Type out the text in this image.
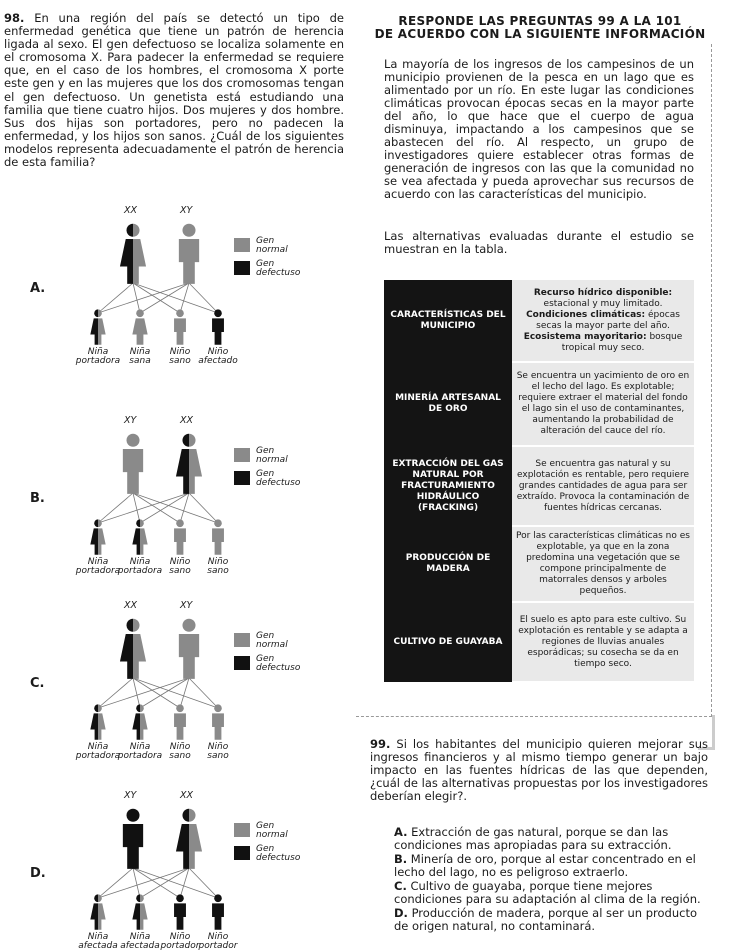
98. En una región del país se detectó un tipo de enfermedad genética que tiene un patrón de herencia ligada al sexo. El gen defectuoso se localiza solamente en el cromosoma X. Para padecer la enfermedad se requiere que, en el caso de los hombres, el cromosoma X porte este gen y en las mujeres que los dos cromosomas tengan el gen defectuoso. Un genetista está estudiando una familia que tiene cuatro hijos. Dos mujeres y dos hombre. Sus dos hijas son portadores, pero no padecen la enfermedad, y los hijos son sanos. ¿Cuál de los siguientes modelos representa adecuadamente el patrón de herencia de esta familia?
XX	XY
A.
Gen normal
Gen defectuso
Niña
portadora
Niña
sana
Niño
sano
Niño
afectado
XY	XX
B.
Gen normal
Gen defectuso
Niña
portadora
Niña
portadora
Niño
sano
Niño
sano
XX	XY
C.
Gen normal
Gen defectuso
Niña
portadora
Niña
portadora
Niño
sano
Niño
sano
XY	XX
D.
Gen normal
Gen defectuso
Niña
afectada
Niña
afectada
Niño
portador
Niño
portador
RESPONDE LAS PREGUNTAS 99 A LA 101
DE ACUERDO CON LA SIGUIENTE INFORMACIÓN
La mayoría de los ingresos de los campesinos de un municipio provienen de la pesca en un lago que es alimentado por un río. En este lugar las condiciones climáticas provocan épocas secas en la mayor parte del año, lo que hace que el cuerpo de agua disminuya, impactando a los campesinos que se abastecen del río. Al respecto, un grupo de investigadores quiere establecer otras formas de generación de ingresos con las que la comunidad no se vea afectada y pueda aprovechar sus recursos de acuerdo con las características del municipio.
Las alternativas evaluadas durante el estudio se muestran en la tabla.
CARACTERÍSTICAS DEL MUNICIPIO	Recurso hídrico disponible: estacional y muy limitado.
Condiciones climáticas: épocas secas la mayor parte del año.
Ecosistema mayoritario: bosque tropical muy seco.
MINERÍA ARTESANAL DE ORO	Se encuentra un yacimiento de oro en el lecho del lago. Es explotable; requiere extraer el material del fondo el lago sin el uso de contaminantes, aumentando la probabilidad de alteración del cauce del río.
EXTRACCIÓN DEL GAS NATURAL POR FRACTURAMIENTO HIDRÁULICO (FRACKING)	Se encuentra gas natural y su explotación es rentable, pero requiere grandes cantidades de agua para ser extraído. Provoca la contaminación de fuentes hídricas cercanas.
PRODUCCIÓN DE MADERA	Por las características climáticas no es explotable, ya que en la zona predomina una vegetación que se compone principalmente de matorrales densos y arboles pequeños.
CULTIVO DE GUAYABA	El suelo es apto para este cultivo. Su explotación es rentable y se adapta a regiones de lluvias anuales esporádicas; su cosecha se da en tiempo seco.
99. Si los habitantes del municipio quieren mejorar sus ingresos financieros y al mismo tiempo generar un bajo impacto en las fuentes hídricas de las que dependen, ¿cuál de las alternativas propuestas por los investigadores deberían elegir?.
A. Extracción de gas natural, porque se dan las condiciones mas apropiadas para su extracción.
B. Minería de oro, porque al estar concentrado en el lecho del lago, no es peligroso extraerlo.
C. Cultivo de guayaba, porque tiene mejores condiciones para su adaptación al clima de la región.
D. Producción de madera, porque al ser un producto de origen natural, no contaminará.
